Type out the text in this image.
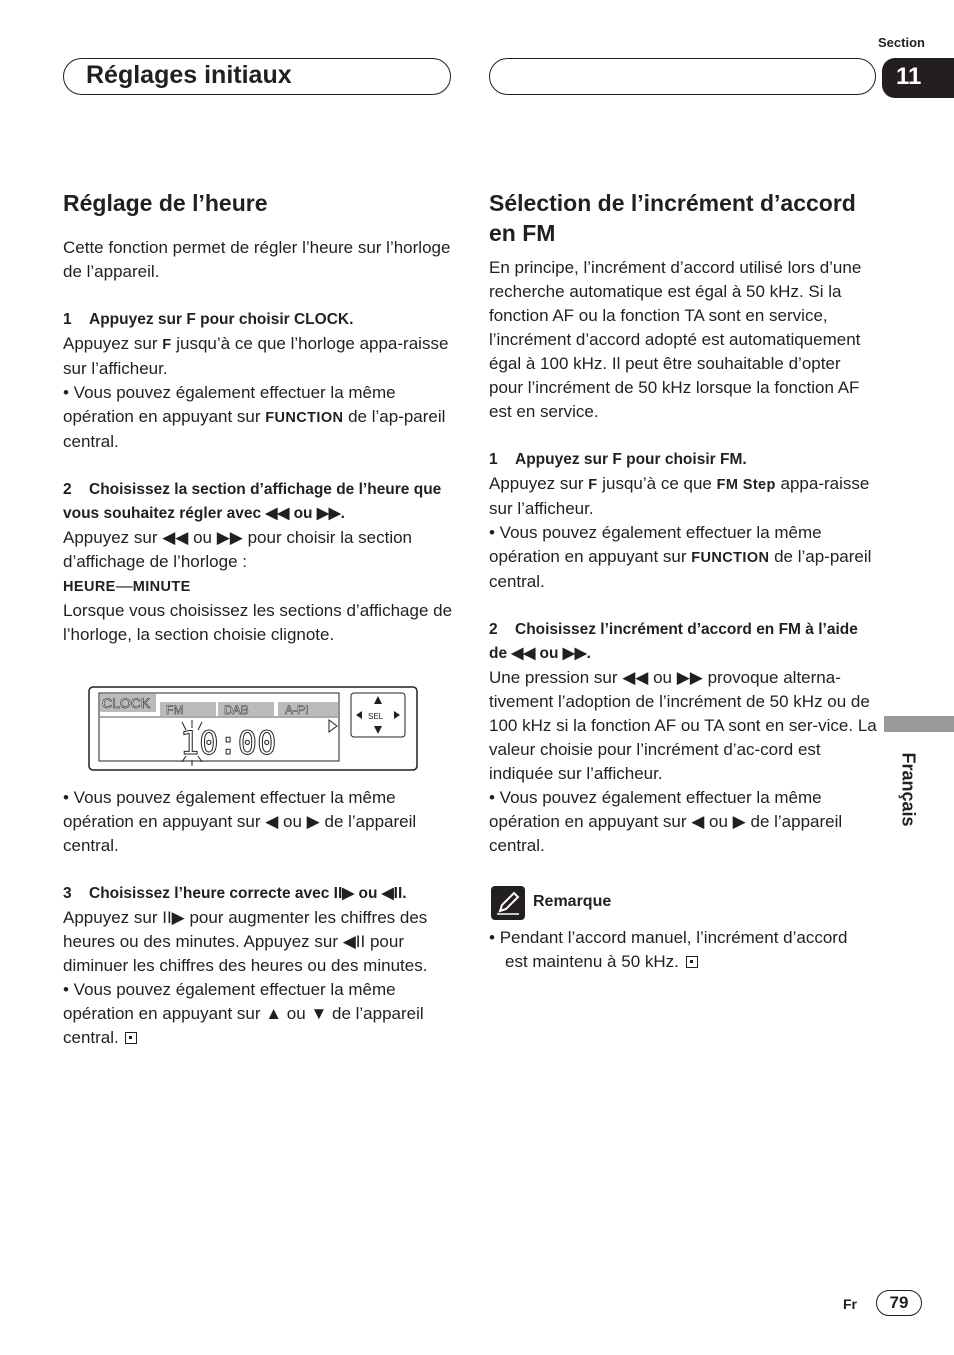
Section
Réglages initiaux	11
Réglage de l’heure

Cette fonction permet de régler l’heure sur l’horloge de l’appareil.

1 Appuyez sur F pour choisir CLOCK.

Appuyez sur F jusqu’à ce que l’horloge appa-raisse sur l’afficheur.

• Vous pouvez également effectuer la même opération en appuyant sur FUNCTION de l’ap-pareil central.

2 Choisissez la section d’affichage de l’heure que vous souhaitez régler avec ◀◀ ou ▶▶.

Appuyez sur ◀◀ ou ▶▶ pour choisir la section d’affichage de l’horloge :

HEURE—MINUTE

Lorsque vous choisissez les sections d’affichage de l’horloge, la section choisie clignote.

CLOCK FM	DAB	A-PI
10:00
SEL

• Vous pouvez également effectuer la même opération en appuyant sur ◀ ou ▶ de l’appareil central.

3 Choisissez l’heure correcte avec II▶ ou ◀II.

Appuyez sur II▶ pour augmenter les chiffres des heures ou des minutes. Appuyez sur ◀II pour diminuer les chiffres des heures ou des minutes.

• Vous pouvez également effectuer la même opération en appuyant sur ▲ ou ▼ de l’appareil central.

Sélection de l’incrément d’accord en FM

En principe, l’incrément d’accord utilisé lors d’une recherche automatique est égal à 50 kHz. Si la fonction AF ou la fonction TA sont en service, l’incrément d’accord adopté est automatiquement égal à 100 kHz. Il peut être souhaitable d’opter pour l’incrément de 50 kHz lorsque la fonction AF est en service.

1 Appuyez sur F pour choisir FM.

Appuyez sur F jusqu’à ce que FM Step appa-raisse sur l’afficheur.

• Vous pouvez également effectuer la même opération en appuyant sur FUNCTION de l’ap-pareil central.

2 Choisissez l’incrément d’accord en FM à l’aide de ◀◀ ou ▶▶.

Une pression sur ◀◀ ou ▶▶ provoque alterna-tivement l’adoption de l’incrément de 50 kHz ou de 100 kHz si la fonction AF ou TA sont en ser-vice. La valeur choisie pour l’incrément d’ac-cord est indiquée sur l’afficheur.

• Vous pouvez également effectuer la même opération en appuyant sur ◀ ou ▶ de l’appareil central.

Remarque

• Pendant l’accord manuel, l’incrément d’accord est maintenu à 50 kHz.

Français
Fr	79
